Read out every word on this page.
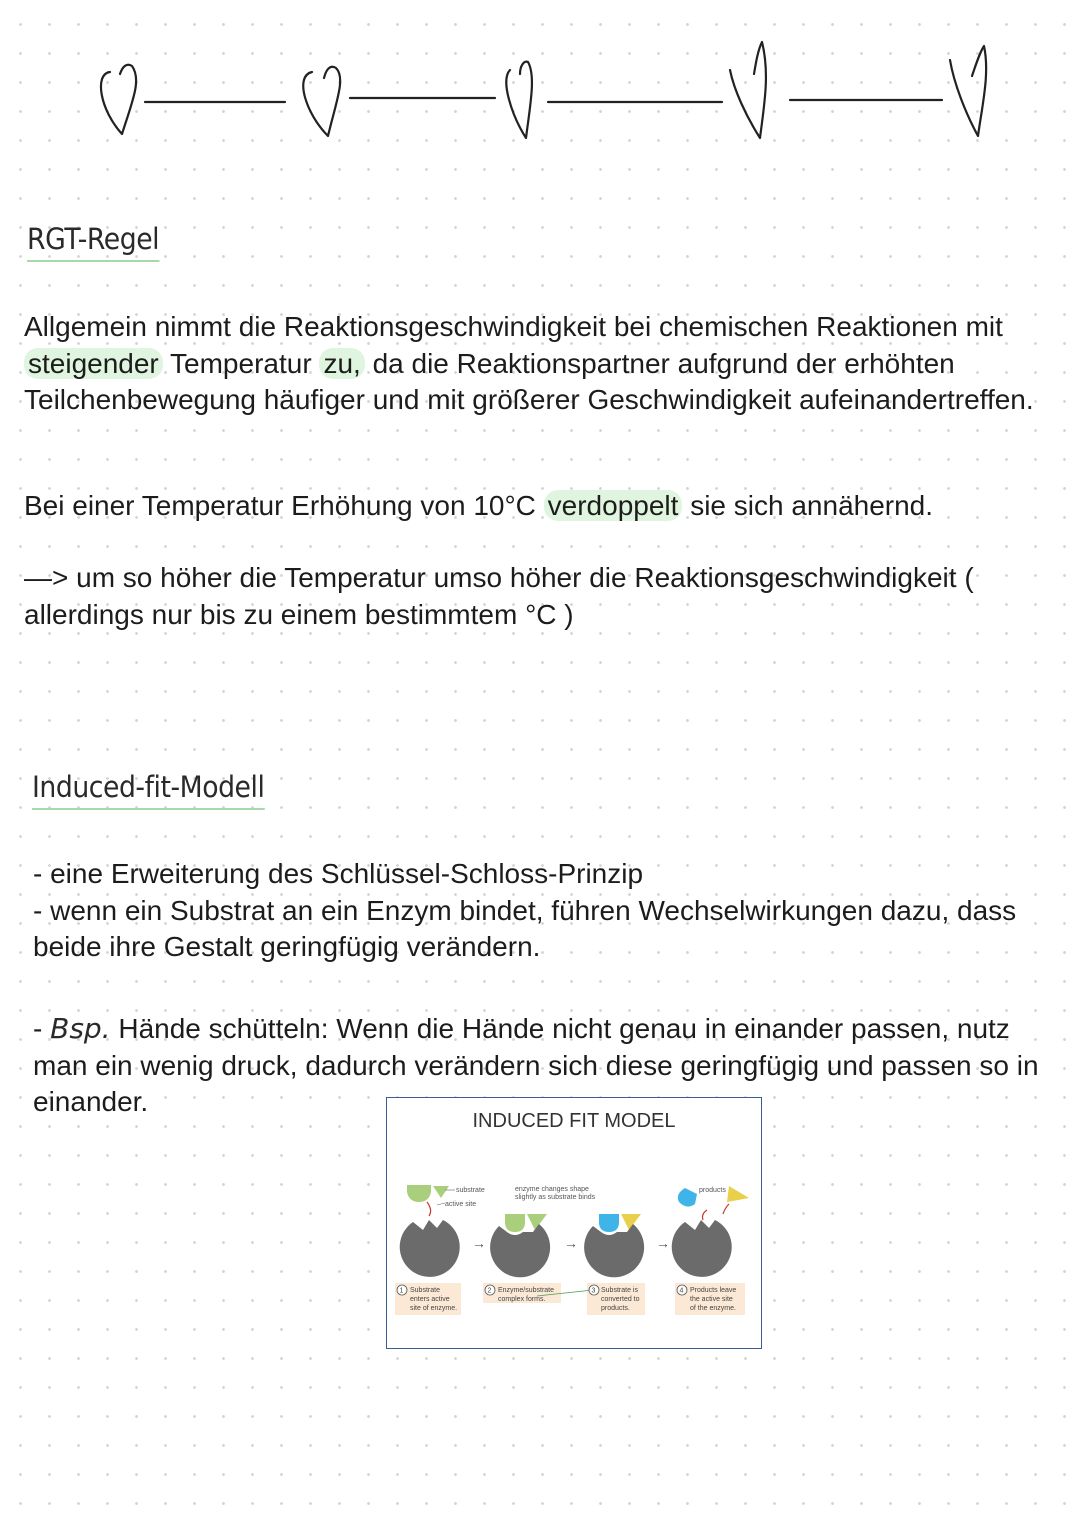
RGT-Regel

Allgemein nimmt die Reaktionsgeschwindigkeit bei chemischen Reaktionen mit steigender Temperatur zu, da die Reaktionspartner aufgrund der erhöhten Teilchenbewegung häufiger und mit größerer Geschwindigkeit aufeinandertreffen.

Bei einer Temperatur Erhöhung von 10°C verdoppelt sie sich annähernd.

—> um so höher die Temperatur umso höher die Reaktionsgeschwindigkeit ( allerdings nur bis zu einem bestimmtem °C )

Induced-fit-Modell

- eine Erweiterung des Schlüssel-Schloss-Prinzip
- wenn ein Substrat an ein Enzym bindet, führen Wechselwirkungen dazu, dass beide ihre Gestalt geringfügig verändern.

- Bsp. Hände schütteln: Wenn die Hände nicht genau in einander passen, nutz man ein wenig druck, dadurch verändern sich diese geringfügig und passen so in einander.

INDUCED FIT MODEL
substrate
active site
→
enzyme changes shape
slightly as substrate binds
→	→
products
1 Substrate
enters active
site of enzyme.
2 Enzyme/substrate
complex forms.
3 Substrate is
converted to
products.
4 Products leave
the active site
of the enzyme.
